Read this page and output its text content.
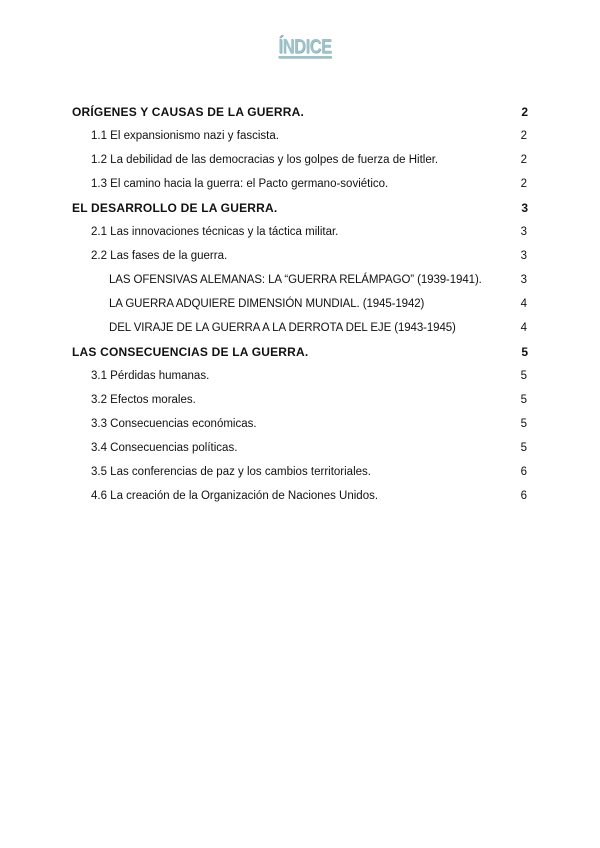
ÍNDICE
ORÍGENES Y CAUSAS DE LA GUERRA.	2
1.1 El expansionismo nazi y fascista.	2
1.2 La debilidad de las democracias y los golpes de fuerza de Hitler.	2
1.3 El camino hacia la guerra: el Pacto germano-soviético.	2
EL DESARROLLO DE LA GUERRA.	3
2.1 Las innovaciones técnicas y la táctica militar.	3
2.2 Las fases de la guerra.	3
LAS OFENSIVAS ALEMANAS: LA “GUERRA RELÁMPAGO” (1939-1941).	3
LA GUERRA ADQUIERE DIMENSIÓN MUNDIAL. (1945-1942)	4
DEL VIRAJE DE LA GUERRA A LA DERROTA DEL EJE (1943-1945)	4
LAS CONSECUENCIAS DE LA GUERRA.	5
3.1 Pérdidas humanas.	5
3.2 Efectos morales.	5
3.3 Consecuencias económicas.	5
3.4 Consecuencias políticas.	5
3.5 Las conferencias de paz y los cambios territoriales.	6
4.6 La creación de la Organización de Naciones Unidos.	6
